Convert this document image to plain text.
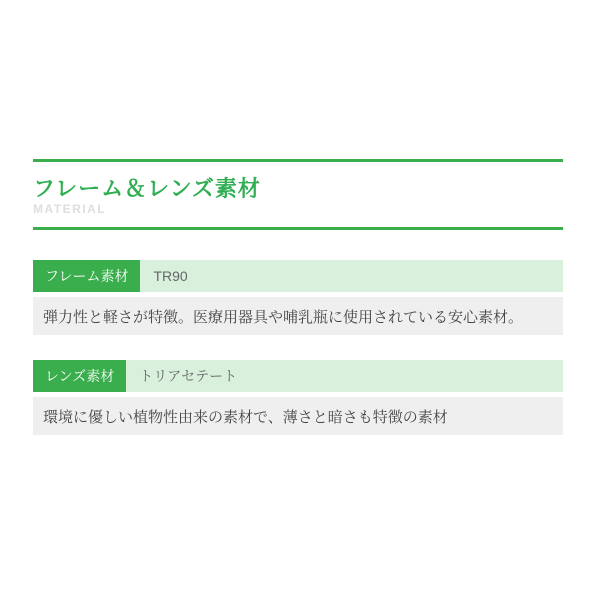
フレーム＆レンズ素材
MATERIAL
フレーム素材	TR90
弾力性と軽さが特徴。医療用器具や哺乳瓶に使用されている安心素材。
レンズ素材	トリアセテート
環境に優しい植物性由来の素材で、薄さと暗さも特徴の素材
